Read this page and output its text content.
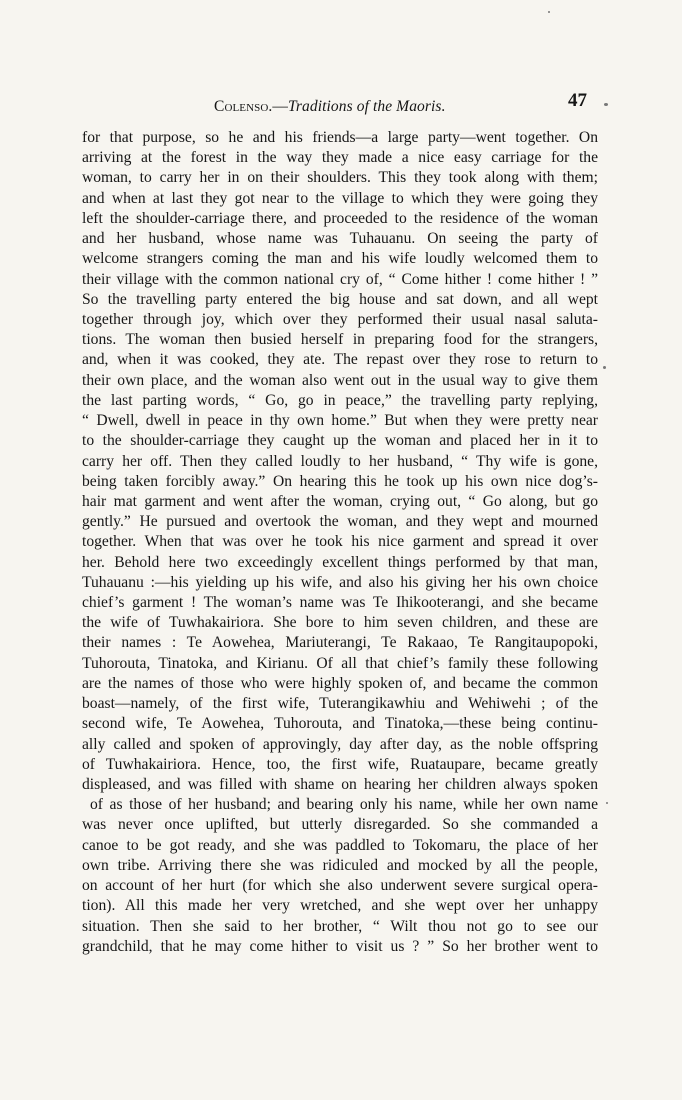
Colenso.—Traditions of the Maoris.	47
for that purpose, so he and his friends—a large party—went together. On
arriving at the forest in the way they made a nice easy carriage for the
woman, to carry her in on their shoulders. This they took along with them;
and when at last they got near to the village to which they were going they
left the shoulder-carriage there, and proceeded to the residence of the woman
and her husband, whose name was Tuhauanu. On seeing the party of
welcome strangers coming the man and his wife loudly welcomed them to
their village with the common national cry of, “ Come hither ! come hither ! ”
So the travelling party entered the big house and sat down, and all wept
together through joy, which over they performed their usual nasal saluta-
tions. The woman then busied herself in preparing food for the strangers,
and, when it was cooked, they ate. The repast over they rose to return to
their own place, and the woman also went out in the usual way to give them
the last parting words, “ Go, go in peace,” the travelling party replying,
“ Dwell, dwell in peace in thy own home.” But when they were pretty near
to the shoulder-carriage they caught up the woman and placed her in it to
carry her off. Then they called loudly to her husband, “ Thy wife is gone,
being taken forcibly away.” On hearing this he took up his own nice dog’s-
hair mat garment and went after the woman, crying out, “ Go along, but go
gently.” He pursued and overtook the woman, and they wept and mourned
together. When that was over he took his nice garment and spread it over
her. Behold here two exceedingly excellent things performed by that man,
Tuhauanu :—his yielding up his wife, and also his giving her his own choice
chief’s garment ! The woman’s name was Te Ihikooterangi, and she became
the wife of Tuwhakairiora. She bore to him seven children, and these are
their names : Te Aowehea, Mariuterangi, Te Rakaao, Te Rangitaupopoki,
Tuhorouta, Tinatoka, and Kirianu. Of all that chief’s family these following
are the names of those who were highly spoken of, and became the common
boast—namely, of the first wife, Tuterangikawhiu and Wehiwehi ; of the
second wife, Te Aowehea, Tuhorouta, and Tinatoka,—these being continu-
ally called and spoken of approvingly, day after day, as the noble offspring
of Tuwhakairiora. Hence, too, the first wife, Ruataupare, became greatly
displeased, and was filled with shame on hearing her children always spoken
of as those of her husband; and bearing only his name, while her own name
was never once uplifted, but utterly disregarded. So she commanded a
canoe to be got ready, and she was paddled to Tokomaru, the place of her
own tribe. Arriving there she was ridiculed and mocked by all the people,
on account of her hurt (for which she also underwent severe surgical opera-
tion). All this made her very wretched, and she wept over her unhappy
situation. Then she said to her brother, “ Wilt thou not go to see our
grandchild, that he may come hither to visit us ? ” So her brother went to
